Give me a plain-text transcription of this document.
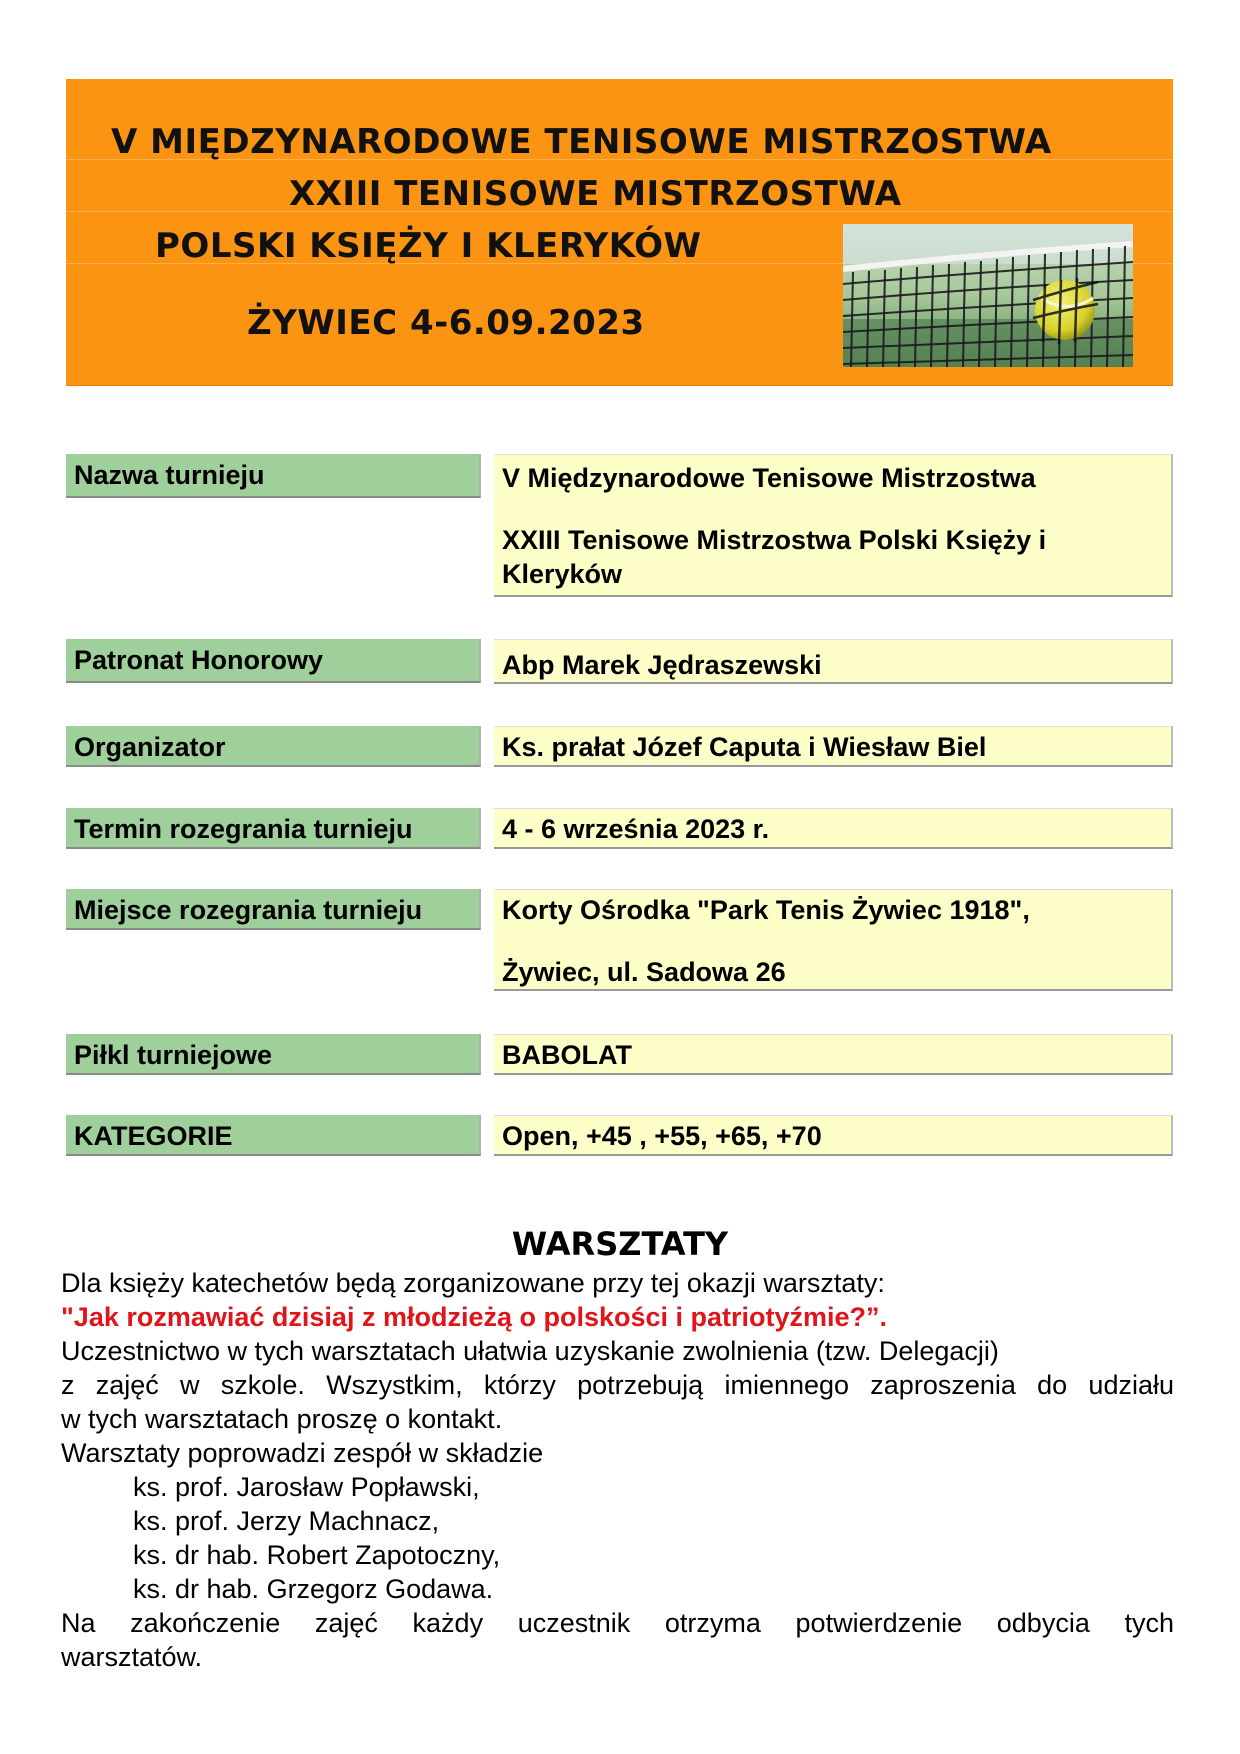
V MIĘDZYNARODOWE TENISOWE MISTRZOSTWA
XXIII TENISOWE MISTRZOSTWA
POLSKI KSIĘŻY I KLERYKÓW
ŻYWIEC 4-6.09.2023
Nazwa turnieju	V Międzynarodowe Tenisowe Mistrzostwa

XXIII Tenisowe Mistrzostwa Polski Księży i Kleryków

Patronat Honorowy	Abp Marek Jędraszewski
Organizator	Ks. prałat Józef Caputa i Wiesław Biel
Termin rozegrania turnieju	4 - 6 września 2023 r.
Miejsce rozegrania turnieju	Korty Ośrodka "Park Tenis Żywiec 1918",

Żywiec, ul. Sadowa 26

Piłkl turniejowe	BABOLAT
KATEGORIE	Open, +45 , +55, +65, +70
WARSZTATY

Dla księży katechetów będą zorganizowane przy tej okazji warsztaty:

"Jak rozmawiać dzisiaj z młodzieżą o polskości i patriotyźmie?”.

Uczestnictwo w tych warsztatach ułatwia uzyskanie zwolnienia (tzw. Delegacji)

z zajęć w szkole. Wszystkim, którzy potrzebują imiennego zaproszenia do udziału

w tych warsztatach proszę o kontakt.

Warsztaty poprowadzi zespół w składzie

ks. prof. Jarosław Popławski,

ks. prof. Jerzy Machnacz,

ks. dr hab. Robert Zapotoczny,

ks. dr hab. Grzegorz Godawa.

Na zakończenie zajęć każdy uczestnik otrzyma potwierdzenie odbycia tych

warsztatów.
